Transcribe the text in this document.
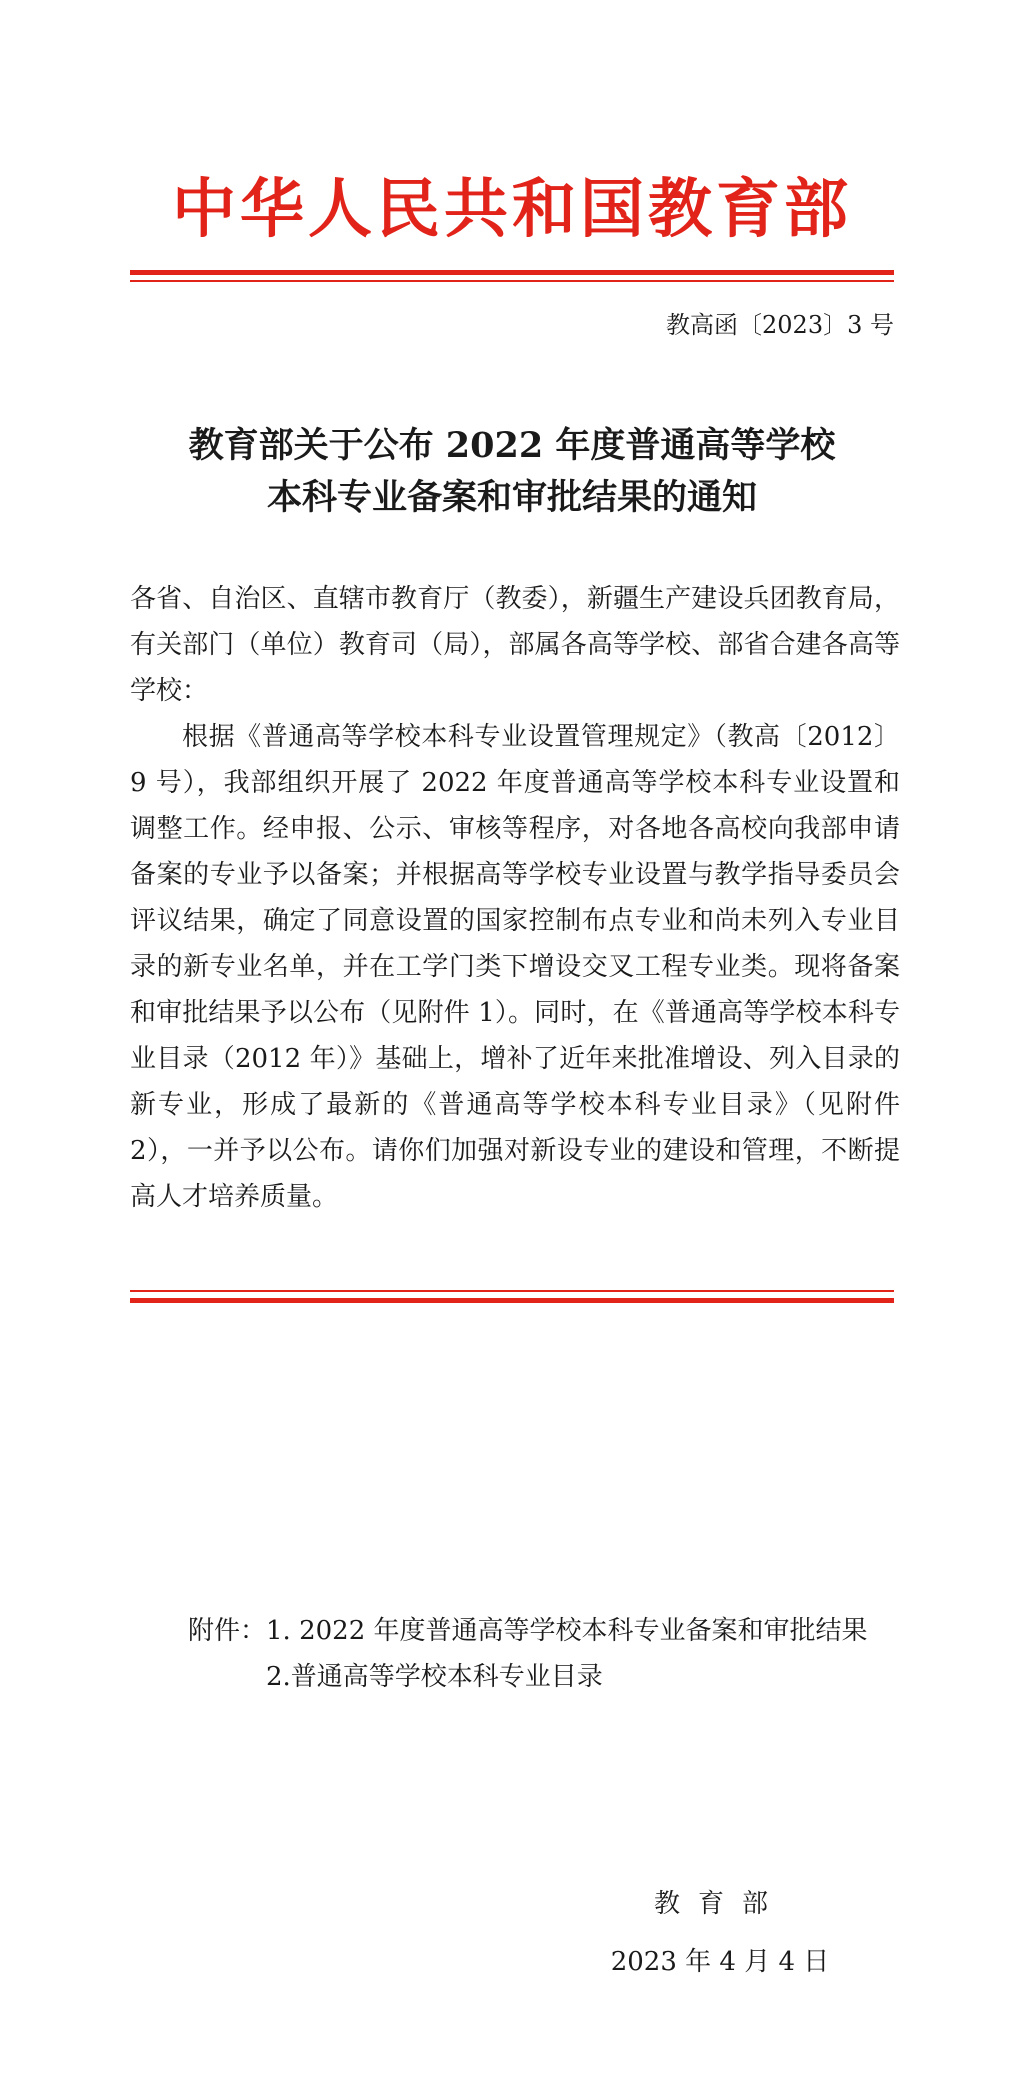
中华人民共和国教育部
教高函〔2023〕3 号
教育部关于公布 2022 年度普通高等学校
本科专业备案和审批结果的通知
各省、自治区、直辖市教育厅（教委），新疆生产建设兵团教育局，有关部门（单位）教育司（局），部属各高等学校、部省合建各高等学校：
根据《普通高等学校本科专业设置管理规定》（教高〔2012〕9 号），我部组织开展了 2022 年度普通高等学校本科专业设置和调整工作。经申报、公示、审核等程序，对各地各高校向我部申请备案的专业予以备案；并根据高等学校专业设置与教学指导委员会评议结果，确定了同意设置的国家控制布点专业和尚未列入专业目录的新专业名单，并在工学门类下增设交叉工程专业类。现将备案和审批结果予以公布（见附件 1）。同时，在《普通高等学校本科专业目录（2012 年）》基础上，增补了近年来批准增设、列入目录的新专业，形成了最新的《普通高等学校本科专业目录》（见附件 2），一并予以公布。请你们加强对新设专业的建设和管理，不断提高人才培养质量。
附件： 1. 2022 年度普通高等学校本科专业备案和审批结果
2.普通高等学校本科专业目录
教育部
2023 年 4 月 4 日
